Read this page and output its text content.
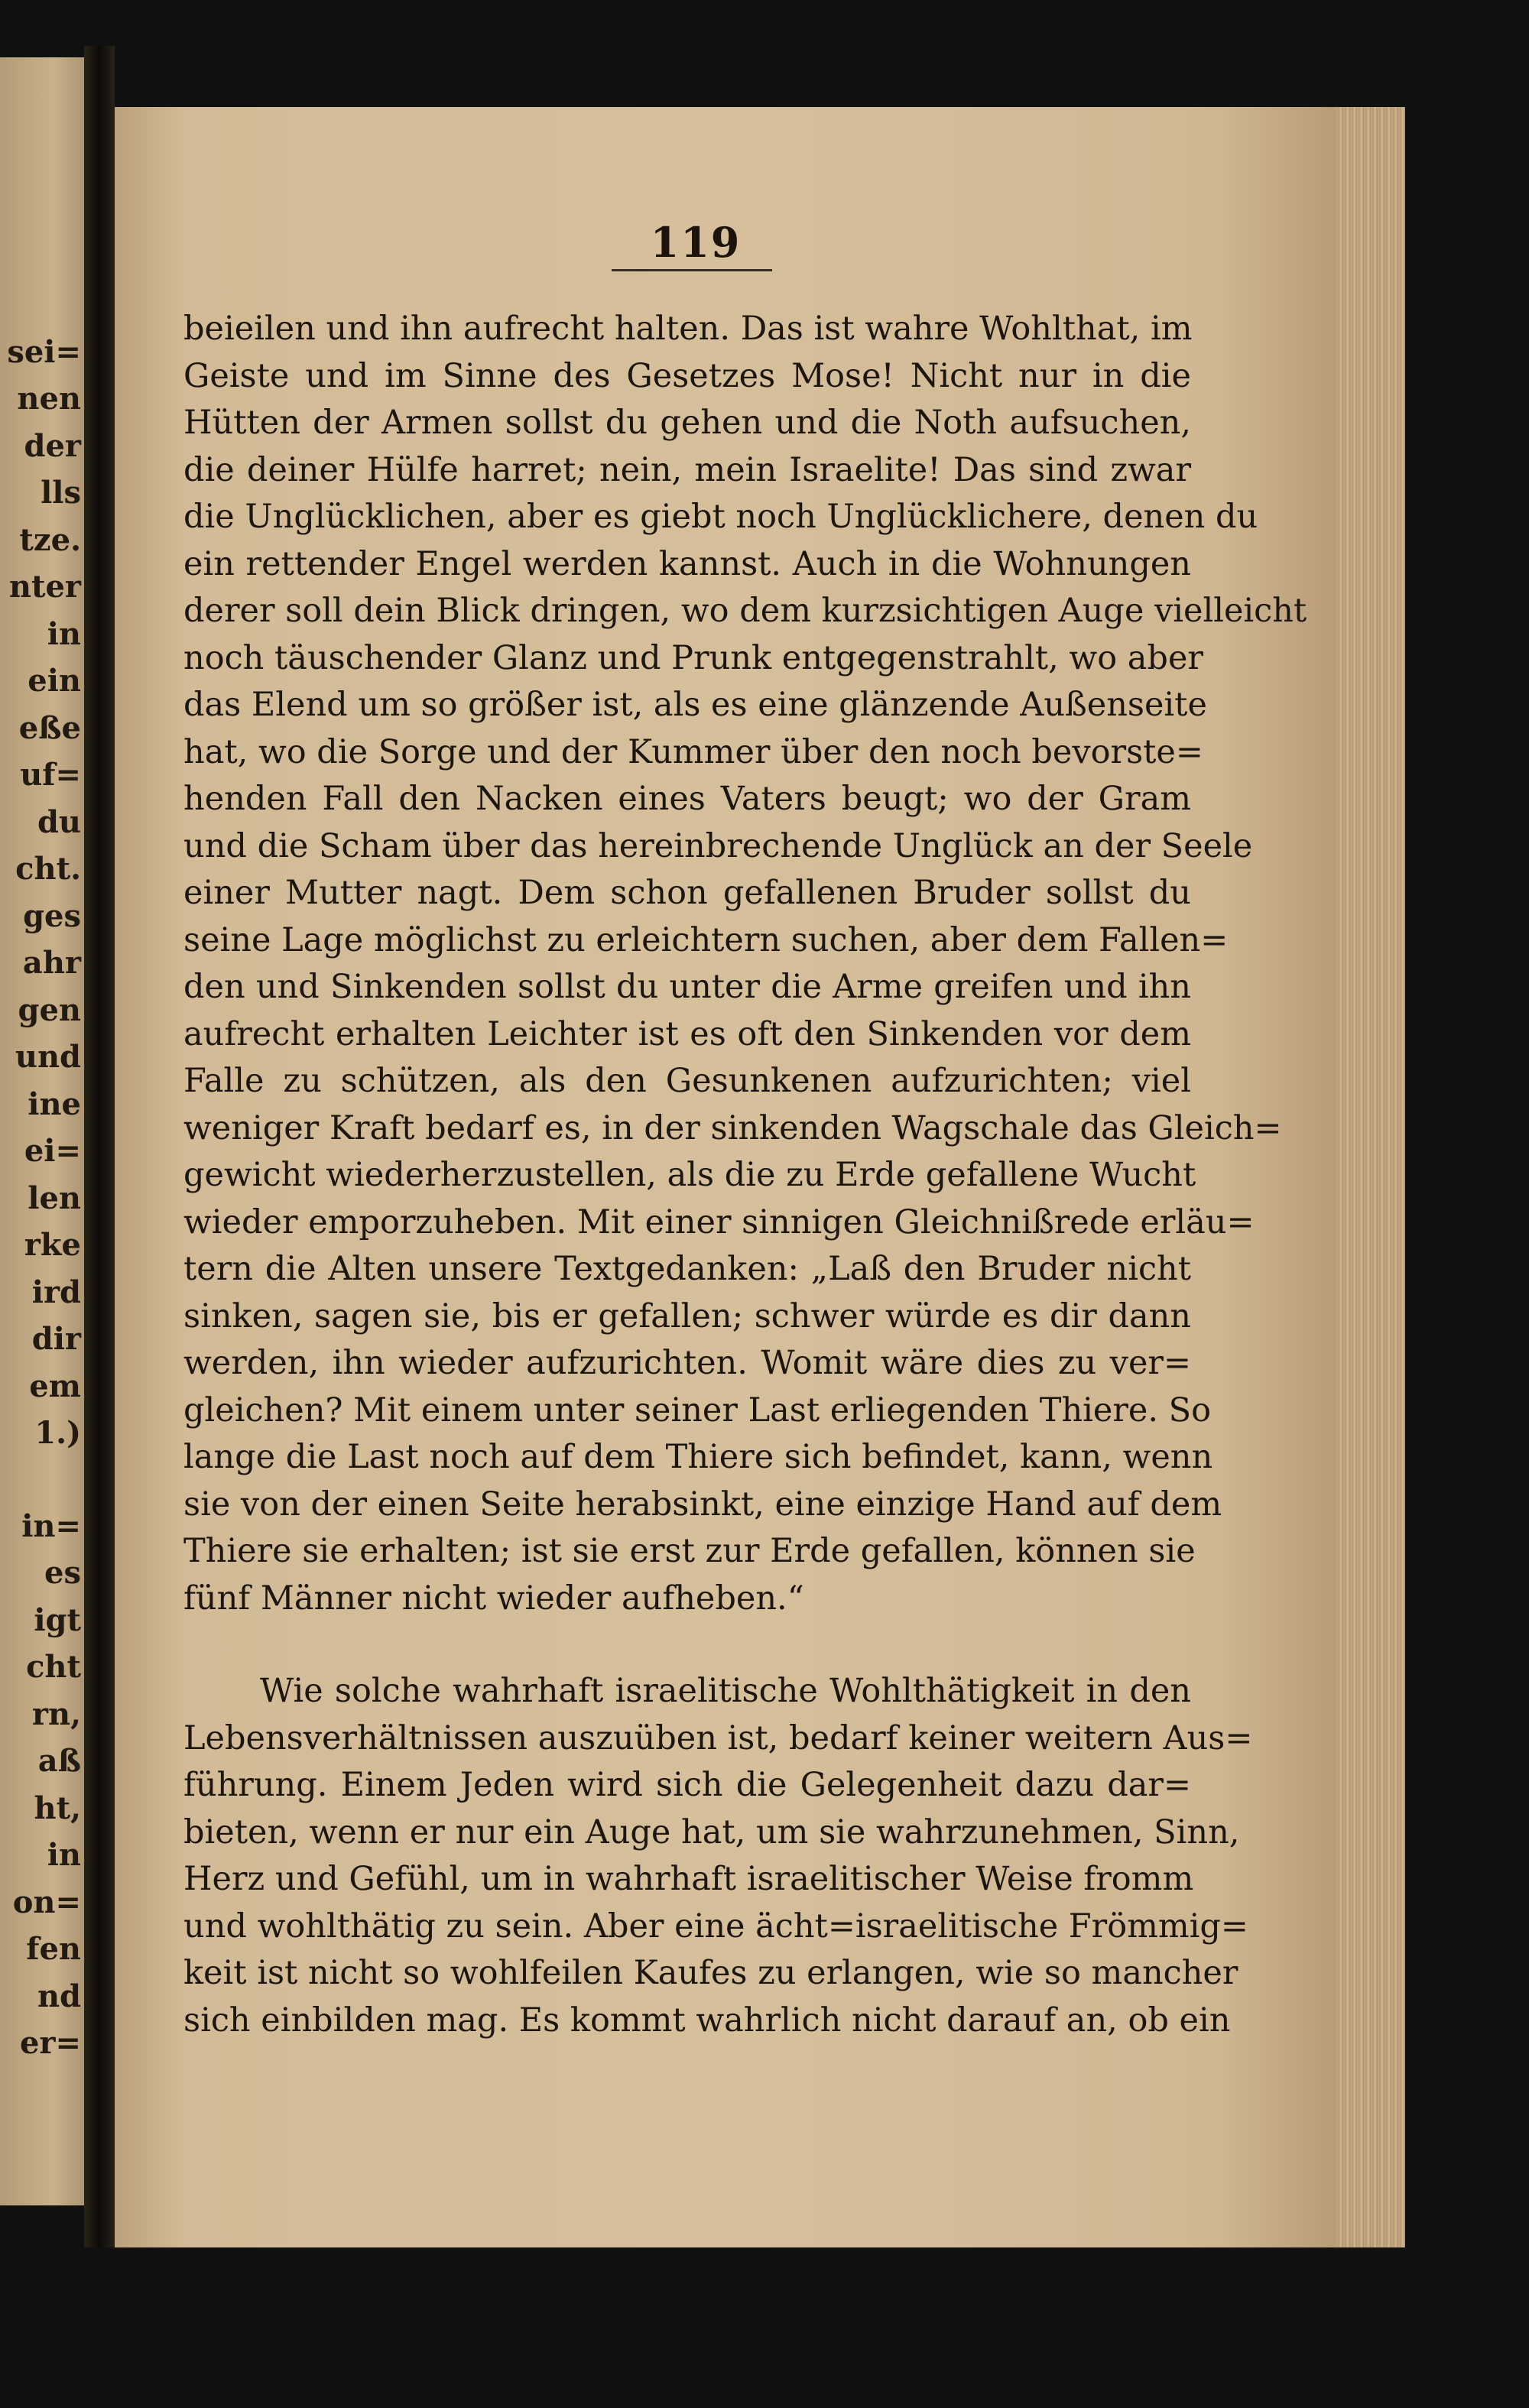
sei=
nen
der
lls
tze.
nter
in
ein
eße
uf=
du
cht.
ges
ahr
gen
und
ine
ei=
len
rke
ird
dir
em
1.)
in=
es
igt
cht
rn,
aß
ht,
in
on=
fen
nd
er=
119
beieilen und ihn aufrecht halten. Das ist wahre Wohlthat, im
Geiste und im Sinne des Gesetzes Mose! Nicht nur in die
Hütten der Armen sollst du gehen und die Noth aufsuchen,
die deiner Hülfe harret; nein, mein Israelite! Das sind zwar
die Unglücklichen, aber es giebt noch Unglücklichere, denen du
ein rettender Engel werden kannst. Auch in die Wohnungen
derer soll dein Blick dringen, wo dem kurzsichtigen Auge vielleicht
noch täuschender Glanz und Prunk entgegenstrahlt, wo aber
das Elend um so größer ist, als es eine glänzende Außenseite
hat, wo die Sorge und der Kummer über den noch bevorste=
henden Fall den Nacken eines Vaters beugt; wo der Gram
und die Scham über das hereinbrechende Unglück an der Seele
einer Mutter nagt. Dem schon gefallenen Bruder sollst du
seine Lage möglichst zu erleichtern suchen, aber dem Fallen=
den und Sinkenden sollst du unter die Arme greifen und ihn
aufrecht erhalten Leichter ist es oft den Sinkenden vor dem
Falle zu schützen, als den Gesunkenen aufzurichten; viel
weniger Kraft bedarf es, in der sinkenden Wagschale das Gleich=
gewicht wiederherzustellen, als die zu Erde gefallene Wucht
wieder emporzuheben. Mit einer sinnigen Gleichnißrede erläu=
tern die Alten unsere Textgedanken: „Laß den Bruder nicht
sinken, sagen sie, bis er gefallen; schwer würde es dir dann
werden, ihn wieder aufzurichten. Womit wäre dies zu ver=
gleichen? Mit einem unter seiner Last erliegenden Thiere. So
lange die Last noch auf dem Thiere sich befindet, kann, wenn
sie von der einen Seite herabsinkt, eine einzige Hand auf dem
Thiere sie erhalten; ist sie erst zur Erde gefallen, können sie
fünf Männer nicht wieder aufheben.“
Wie solche wahrhaft israelitische Wohlthätigkeit in den
Lebensverhältnissen auszuüben ist, bedarf keiner weitern Aus=
führung. Einem Jeden wird sich die Gelegenheit dazu dar=
bieten, wenn er nur ein Auge hat, um sie wahrzunehmen, Sinn,
Herz und Gefühl, um in wahrhaft israelitischer Weise fromm
und wohlthätig zu sein. Aber eine ächt=israelitische Frömmig=
keit ist nicht so wohlfeilen Kaufes zu erlangen, wie so mancher
sich einbilden mag. Es kommt wahrlich nicht darauf an, ob ein
